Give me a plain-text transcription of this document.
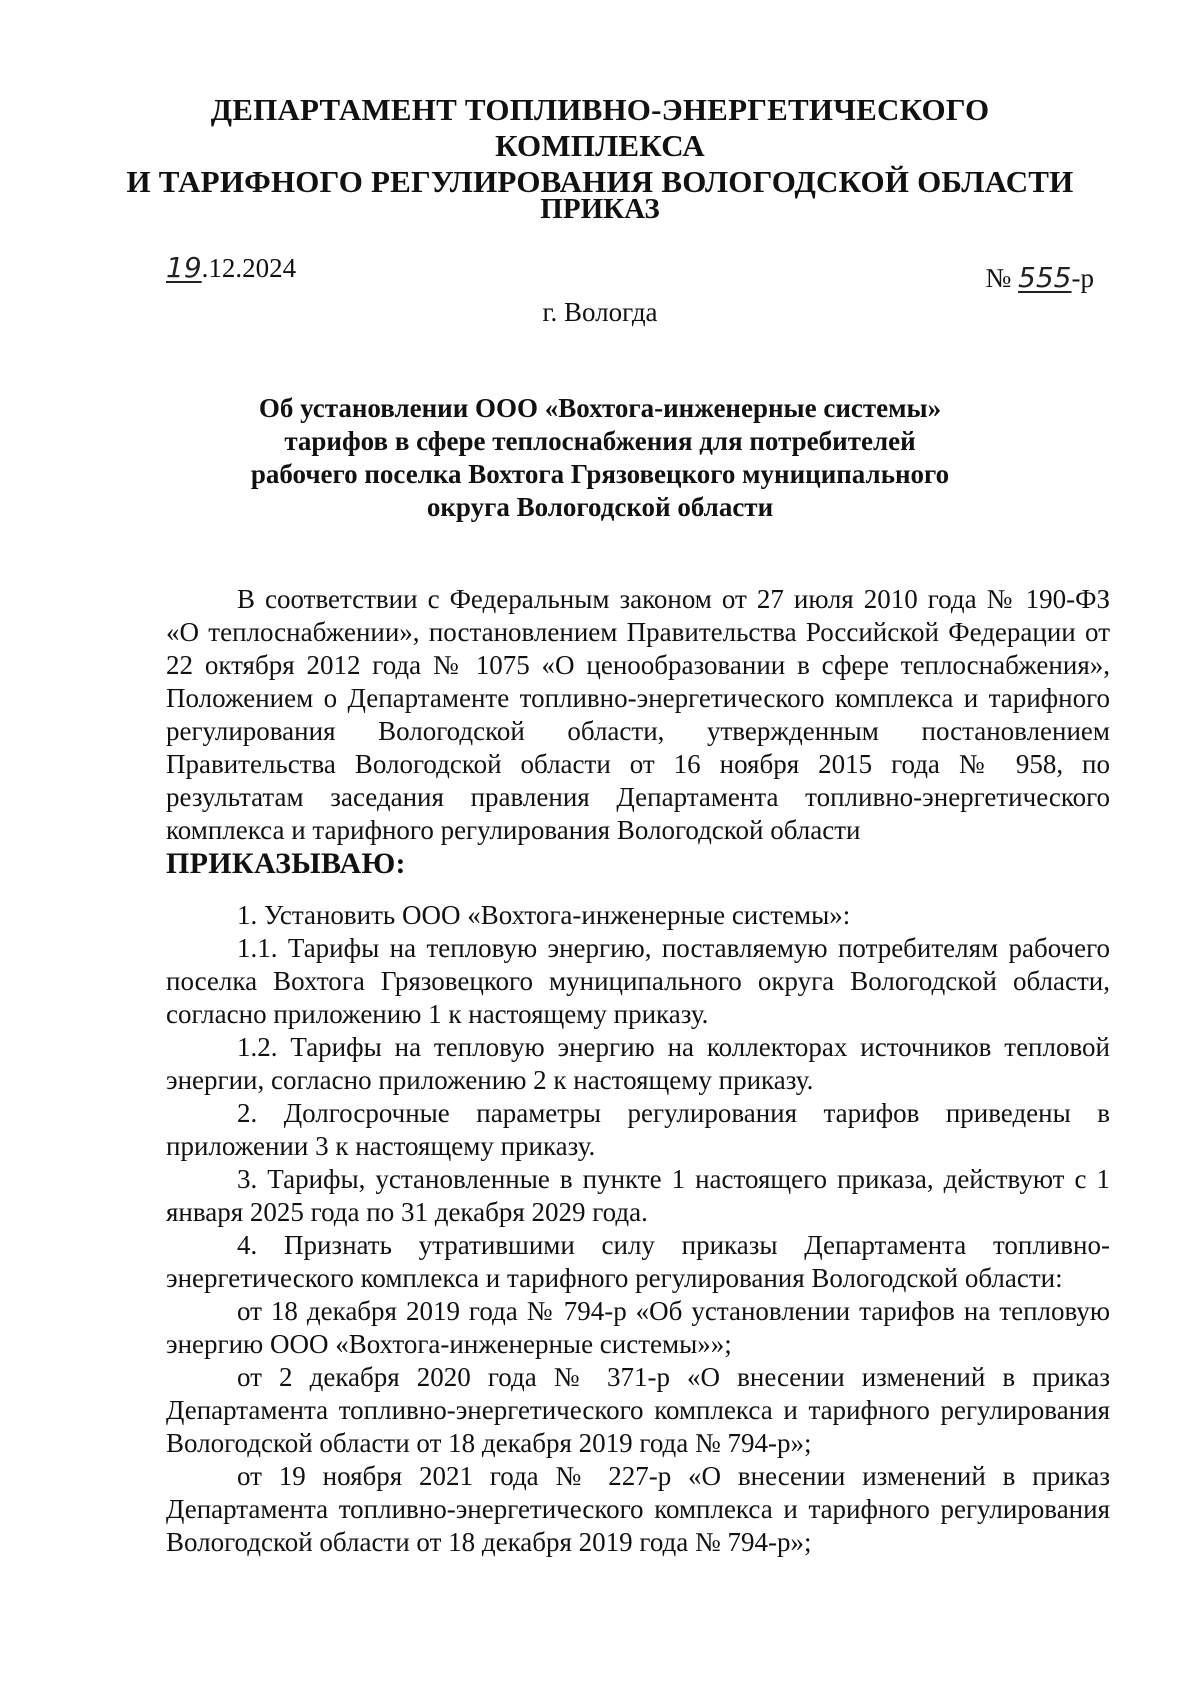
ДЕПАРТАМЕНТ ТОПЛИВНО-ЭНЕРГЕТИЧЕСКОГО КОМПЛЕКСА
И ТАРИФНОГО РЕГУЛИРОВАНИЯ ВОЛОГОДСКОЙ ОБЛАСТИ
ПРИКАЗ
19.12.2024	№ 555-р
г. Вологда
Об установлении ООО «Вохтога-инженерные системы»
тарифов в сфере теплоснабжения для потребителей
рабочего поселка Вохтога Грязовецкого муниципального
округа Вологодской области

В соответствии с Федеральным законом от 27 июля 2010 года № 190-ФЗ «О теплоснабжении», постановлением Правительства Российской Федерации от 22 октября 2012 года № 1075 «О ценообразовании в сфере теплоснабжения», Положением о Департаменте топливно-энергетического комплекса и тарифного регулирования Вологодской области, утвержденным постановлением Правительства Вологодской области от 16 ноября 2015 года № 958, по результатам заседания правления Департамента топливно-энергетического комплекса и тарифного регулирования Вологодской области

ПРИКАЗЫВАЮ:

1. Установить ООО «Вохтога-инженерные системы»:

1.1. Тарифы на тепловую энергию, поставляемую потребителям рабочего поселка Вохтога Грязовецкого муниципального округа Вологодской области, согласно приложению 1 к настоящему приказу.

1.2. Тарифы на тепловую энергию на коллекторах источников тепловой энергии, согласно приложению 2 к настоящему приказу.

2. Долгосрочные параметры регулирования тарифов приведены в приложении 3 к настоящему приказу.

3. Тарифы, установленные в пункте 1 настоящего приказа, действуют с 1 января 2025 года по 31 декабря 2029 года.

4. Признать утратившими силу приказы Департамента топливно-энергетического комплекса и тарифного регулирования Вологодской области:

от 18 декабря 2019 года № 794-р «Об установлении тарифов на тепловую энергию ООО «Вохтога-инженерные системы»»;

от 2 декабря 2020 года № 371-р «О внесении изменений в приказ Департамента топливно-энергетического комплекса и тарифного регулирования Вологодской области от 18 декабря 2019 года № 794-р»;

от 19 ноября 2021 года № 227-р «О внесении изменений в приказ Департамента топливно-энергетического комплекса и тарифного регулирования Вологодской области от 18 декабря 2019 года № 794-р»;
